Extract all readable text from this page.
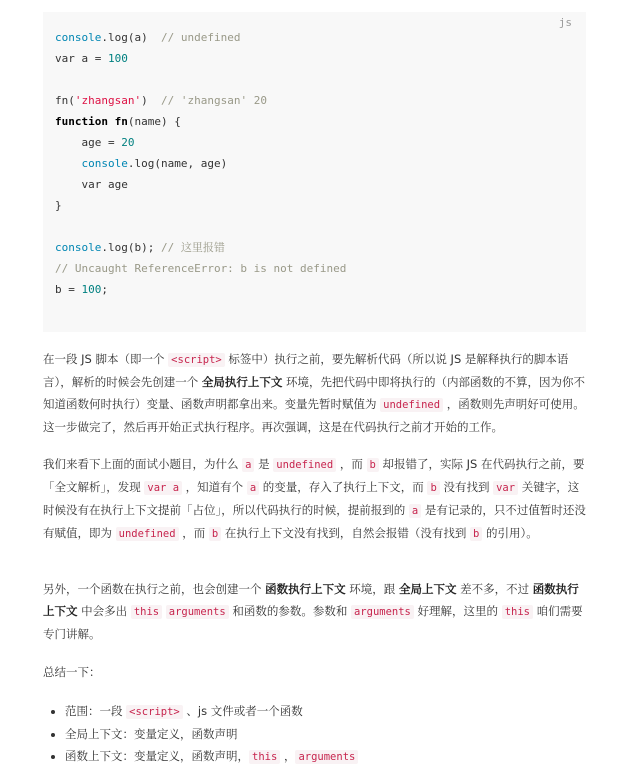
js
console.log(a) // undefined
var a = 100
fn('zhangsan') // 'zhangsan' 20
function fn(name) {
age = 20
console.log(name, age)
var age
}
console.log(b); // 这里报错
// Uncaught ReferenceError: b is not defined
b = 100;

在一段 JS 脚本（即一个 <script> 标签中）执行之前，要先解析代码（所以说 JS 是解释执行的脚本语言），解析的时候会先创建一个 全局执行上下文 环境，先把代码中即将执行的（内部函数的不算，因为你不知道函数何时执行）变量、函数声明都拿出来。变量先暂时赋值为 undefined ，函数则先声明好可使用。这一步做完了，然后再开始正式执行程序。再次强调，这是在代码执行之前才开始的工作。

我们来看下上面的面试小题目，为什么 a 是 undefined ，而 b 却报错了，实际 JS 在代码执行之前，要「全文解析」，发现 var a ，知道有个 a 的变量，存入了执行上下文，而 b 没有找到 var 关键字，这时候没有在执行上下文提前「占位」，所以代码执行的时候，提前报到的 a 是有记录的，只不过值暂时还没有赋值，即为 undefined ，而 b 在执行上下文没有找到，自然会报错（没有找到 b 的引用）。

另外，一个函数在执行之前，也会创建一个 函数执行上下文 环境，跟 全局上下文 差不多，不过 函数执行上下文 中会多出 this arguments 和函数的参数。参数和 arguments 好理解，这里的 this 咱们需要专门讲解。

总结一下：

• 范围：一段 <script> 、js 文件或者一个函数
• 全局上下文：变量定义，函数声明
• 函数上下文：变量定义，函数声明， this ， arguments
